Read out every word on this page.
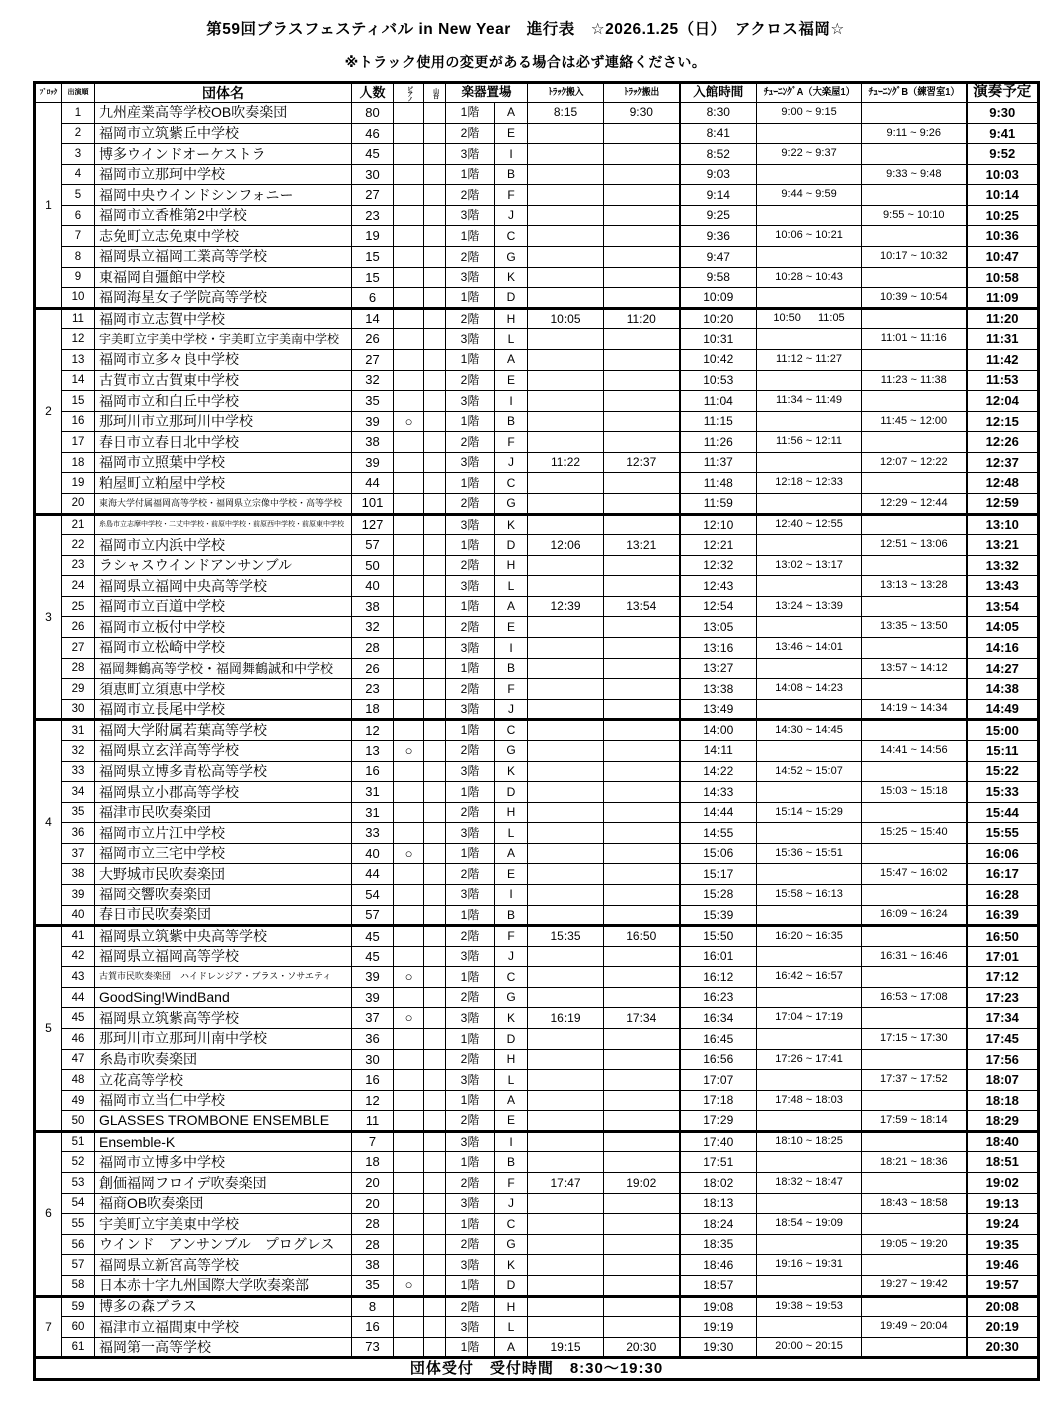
第59回ブラスフェスティバル in New Year　進行表　☆2026.1.25（日）　アクロス福岡☆
※トラック使用の変更がある場合は必ず連絡ください。
ﾌﾞﾛｯｸ	出演順	団体名	人数	ピアノ	山台	楽器置場		ﾄﾗｯｸ搬入	ﾄﾗｯｸ搬出	入館時間	ﾁｭｰﾆﾝｸﾞA（大楽屋1）	ﾁｭｰﾆﾝｸﾞB（練習室1）	演奏予定
1	1	九州産業高等学校OB吹奏楽団	80			1階	A	8:15	9:30	8:30	9:00 ~ 9:15		9:30
	2	福岡市立筑紫丘中学校	46			2階	E			8:41		9:11 ~ 9:26	9:41
	3	博多ウインドオーケストラ	45			3階	I			8:52	9:22 ~ 9:37		9:52
	4	福岡市立那珂中学校	30			1階	B			9:03		9:33 ~ 9:48	10:03
	5	福岡中央ウインドシンフォニー	27			2階	F			9:14	9:44 ~ 9:59		10:14
	6	福岡市立香椎第2中学校	23			3階	J			9:25		9:55 ~ 10:10	10:25
	7	志免町立志免東中学校	19			1階	C			9:36	10:06 ~ 10:21		10:36
	8	福岡県立福岡工業高等学校	15			2階	G			9:47		10:17 ~ 10:32	10:47
	9	東福岡自彊館中学校	15			3階	K			9:58	10:28 ~ 10:43		10:58
	10	福岡海星女子学院高等学校	6			1階	D			10:09		10:39 ~ 10:54	11:09
2	11	福岡市立志賀中学校	14			2階	H	10:05	11:20	10:20	10:50 　 11:05		11:20
	12	宇美町立宇美中学校・宇美町立宇美南中学校	26			3階	L			10:31		11:01 ~ 11:16	11:31
	13	福岡市立多々良中学校	27			1階	A			10:42	11:12 ~ 11:27		11:42
	14	古賀市立古賀東中学校	32			2階	E			10:53		11:23 ~ 11:38	11:53
	15	福岡市立和白丘中学校	35			3階	I			11:04	11:34 ~ 11:49		12:04
	16	那珂川市立那珂川中学校	39	○		1階	B			11:15		11:45 ~ 12:00	12:15
	17	春日市立春日北中学校	38			2階	F			11:26	11:56 ~ 12:11		12:26
	18	福岡市立照葉中学校	39			3階	J	11:22	12:37	11:37		12:07 ~ 12:22	12:37
	19	粕屋町立粕屋中学校	44			1階	C			11:48	12:18 ~ 12:33		12:48
	20	東海大学付属福岡高等学校・福岡県立宗像中学校・高等学校	101			2階	G			11:59		12:29 ~ 12:44	12:59
3	21	糸島市立志摩中学校・二丈中学校・前原中学校・前原西中学校・前原東中学校	127			3階	K			12:10	12:40 ~ 12:55		13:10
	22	福岡市立内浜中学校	57			1階	D	12:06	13:21	12:21		12:51 ~ 13:06	13:21
	23	ラシャスウインドアンサンブル	50			2階	H			12:32	13:02 ~ 13:17		13:32
	24	福岡県立福岡中央高等学校	40			3階	L			12:43		13:13 ~ 13:28	13:43
	25	福岡市立百道中学校	38			1階	A	12:39	13:54	12:54	13:24 ~ 13:39		13:54
	26	福岡市立板付中学校	32			2階	E			13:05		13:35 ~ 13:50	14:05
	27	福岡市立松崎中学校	28			3階	I			13:16	13:46 ~ 14:01		14:16
	28	福岡舞鶴高等学校・福岡舞鶴誠和中学校	26			1階	B			13:27		13:57 ~ 14:12	14:27
	29	須恵町立須恵中学校	23			2階	F			13:38	14:08 ~ 14:23		14:38
	30	福岡市立長尾中学校	18			3階	J			13:49		14:19 ~ 14:34	14:49
4	31	福岡大学附属若葉高等学校	12			1階	C			14:00	14:30 ~ 14:45		15:00
	32	福岡県立玄洋高等学校	13	○		2階	G			14:11		14:41 ~ 14:56	15:11
	33	福岡県立博多青松高等学校	16			3階	K			14:22	14:52 ~ 15:07		15:22
	34	福岡県立小郡高等学校	31			1階	D			14:33		15:03 ~ 15:18	15:33
	35	福津市民吹奏楽団	31			2階	H			14:44	15:14 ~ 15:29		15:44
	36	福岡市立片江中学校	33			3階	L			14:55		15:25 ~ 15:40	15:55
	37	福岡市立三宅中学校	40	○		1階	A			15:06	15:36 ~ 15:51		16:06
	38	大野城市民吹奏楽団	44			2階	E			15:17		15:47 ~ 16:02	16:17
	39	福岡交響吹奏楽団	54			3階	I			15:28	15:58 ~ 16:13		16:28
	40	春日市民吹奏楽団	57			1階	B			15:39		16:09 ~ 16:24	16:39
5	41	福岡県立筑紫中央高等学校	45			2階	F	15:35	16:50	15:50	16:20 ~ 16:35		16:50
	42	福岡県立福岡高等学校	45			3階	J			16:01		16:31 ~ 16:46	17:01
	43	古賀市民吹奏楽団　ハイドレンジア・ブラス・ソサエティ	39	○		1階	C			16:12	16:42 ~ 16:57		17:12
	44	GoodSing!WindBand	39			2階	G			16:23		16:53 ~ 17:08	17:23
	45	福岡県立筑紫高等学校	37	○		3階	K	16:19	17:34	16:34	17:04 ~ 17:19		17:34
	46	那珂川市立那珂川南中学校	36			1階	D			16:45		17:15 ~ 17:30	17:45
	47	糸島市吹奏楽団	30			2階	H			16:56	17:26 ~ 17:41		17:56
	48	立花高等学校	16			3階	L			17:07		17:37 ~ 17:52	18:07
	49	福岡市立当仁中学校	12			1階	A			17:18	17:48 ~ 18:03		18:18
	50	GLASSES TROMBONE ENSEMBLE	11			2階	E			17:29		17:59 ~ 18:14	18:29
6	51	Ensemble-K	7			3階	I			17:40	18:10 ~ 18:25		18:40
	52	福岡市立博多中学校	18			1階	B			17:51		18:21 ~ 18:36	18:51
	53	創価福岡フロイデ吹奏楽団	20			2階	F	17:47	19:02	18:02	18:32 ~ 18:47		19:02
	54	福商OB吹奏楽団	20			3階	J			18:13		18:43 ~ 18:58	19:13
	55	宇美町立宇美東中学校	28			1階	C			18:24	18:54 ~ 19:09		19:24
	56	ウインド　アンサンブル　プログレス	28			2階	G			18:35		19:05 ~ 19:20	19:35
	57	福岡県立新宮高等学校	38			3階	K			18:46	19:16 ~ 19:31		19:46
	58	日本赤十字九州国際大学吹奏楽部	35	○		1階	D			18:57		19:27 ~ 19:42	19:57
7	59	博多の森ブラス	8			2階	H			19:08	19:38 ~ 19:53		20:08
	60	福津市立福間東中学校	16			3階	L			19:19		19:49 ~ 20:04	20:19
	61	福岡第一高等学校	73			1階	A	19:15	20:30	19:30	20:00 ~ 20:15		20:30
団体受付　受付時間　8:30～19:30													
